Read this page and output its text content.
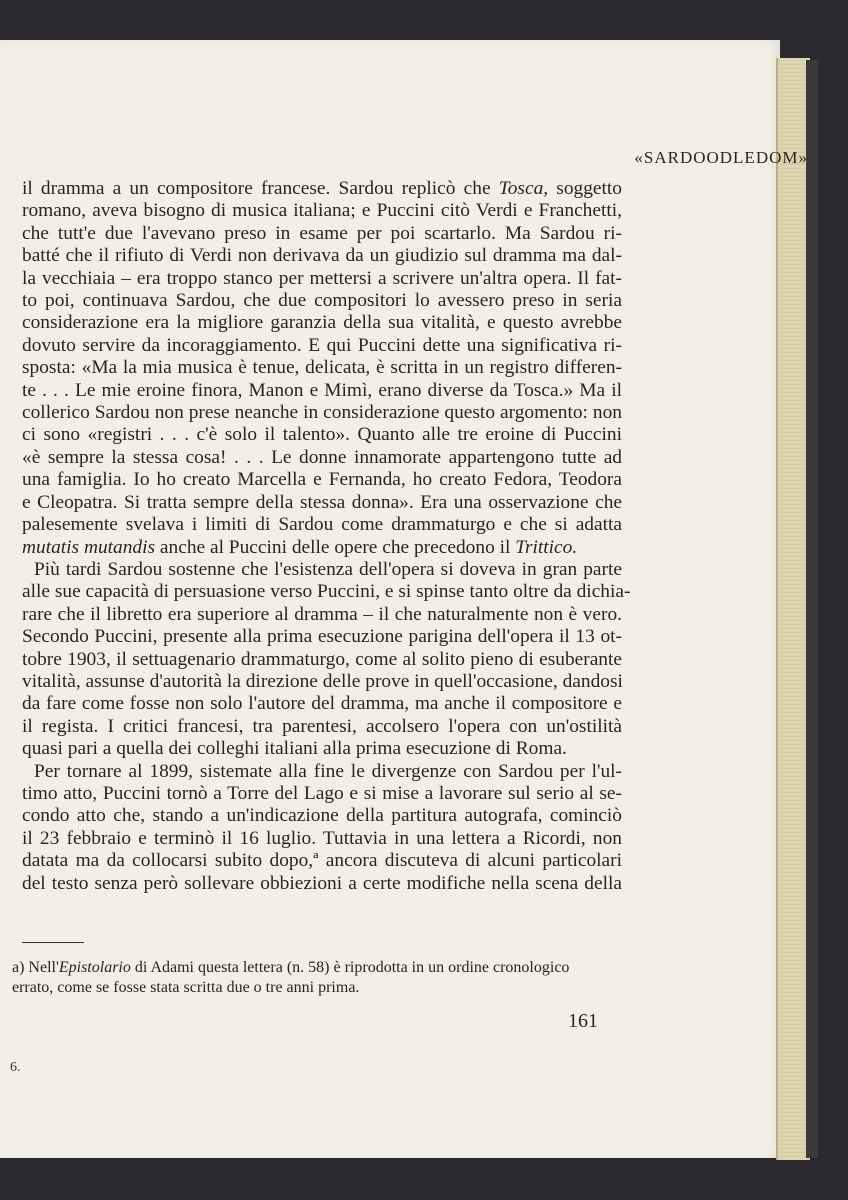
«SARDOODLEDOM»
il dramma a un compositore francese. Sardou replicò che Tosca, soggetto
romano, aveva bisogno di musica italiana; e Puccini citò Verdi e Franchetti,
che tutt'e due l'avevano preso in esame per poi scartarlo. Ma Sardou ri-
batté che il rifiuto di Verdi non derivava da un giudizio sul dramma ma dal-
la vecchiaia – era troppo stanco per mettersi a scrivere un'altra opera. Il fat-
to poi, continuava Sardou, che due compositori lo avessero preso in seria
considerazione era la migliore garanzia della sua vitalità, e questo avrebbe
dovuto servire da incoraggiamento. E qui Puccini dette una significativa ri-
sposta: «Ma la mia musica è tenue, delicata, è scritta in un registro differen-
te . . . Le mie eroine finora, Manon e Mimì, erano diverse da Tosca.» Ma il
collerico Sardou non prese neanche in considerazione questo argomento: non
ci sono «registri . . . c'è solo il talento». Quanto alle tre eroine di Puccini
«è sempre la stessa cosa! . . . Le donne innamorate appartengono tutte ad
una famiglia. Io ho creato Marcella e Fernanda, ho creato Fedora, Teodora
e Cleopatra. Si tratta sempre della stessa donna». Era una osservazione che
palesemente svelava i limiti di Sardou come drammaturgo e che si adatta
mutatis mutandis anche al Puccini delle opere che precedono il Trittico.
Più tardi Sardou sostenne che l'esistenza dell'opera si doveva in gran parte
alle sue capacità di persuasione verso Puccini, e si spinse tanto oltre da dichia-
rare che il libretto era superiore al dramma – il che naturalmente non è vero.
Secondo Puccini, presente alla prima esecuzione parigina dell'opera il 13 ot-
tobre 1903, il settuagenario drammaturgo, come al solito pieno di esuberante
vitalità, assunse d'autorità la direzione delle prove in quell'occasione, dandosi
da fare come fosse non solo l'autore del dramma, ma anche il compositore e
il regista. I critici francesi, tra parentesi, accolsero l'opera con un'ostilità
quasi pari a quella dei colleghi italiani alla prima esecuzione di Roma.
Per tornare al 1899, sistemate alla fine le divergenze con Sardou per l'ul-
timo atto, Puccini tornò a Torre del Lago e si mise a lavorare sul serio al se-
condo atto che, stando a un'indicazione della partitura autografa, cominciò
il 23 febbraio e terminò il 16 luglio. Tuttavia in una lettera a Ricordi, non
datata ma da collocarsi subito dopo,ª ancora discuteva di alcuni particolari
del testo senza però sollevare obbiezioni a certe modifiche nella scena della
a) Nell'Epistolario di Adami questa lettera (n. 58) è riprodotta in un ordine cronologico
errato, come se fosse stata scritta due o tre anni prima.
161
6.
